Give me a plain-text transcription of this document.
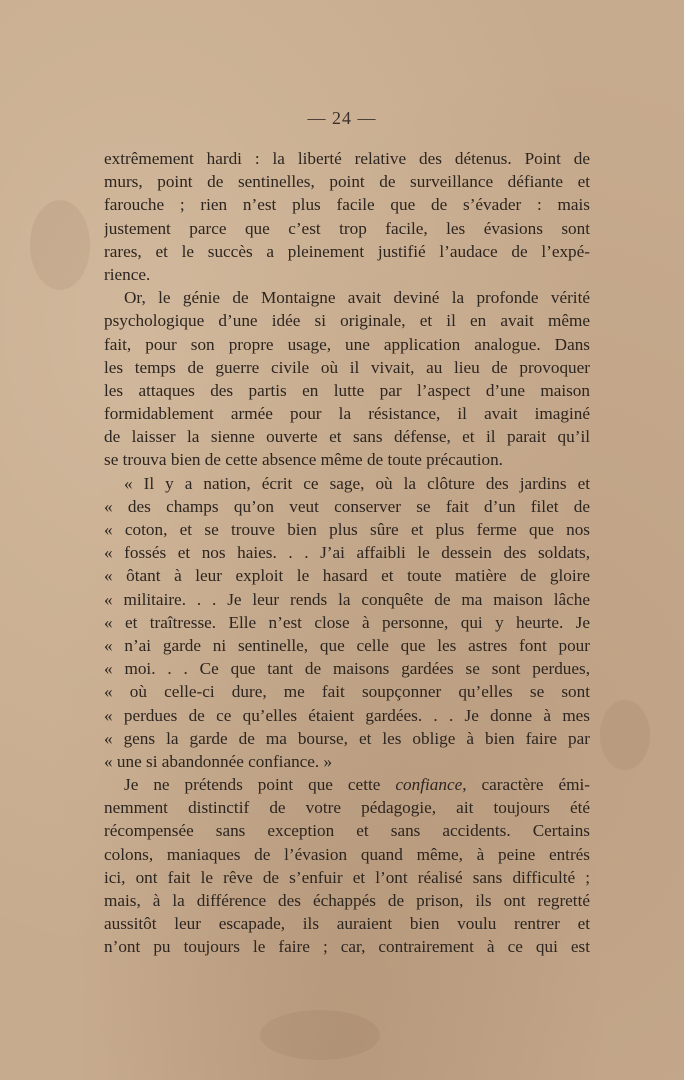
— 24 —
extrêmement hardi : la liberté relative des détenus. Point de
murs, point de sentinelles, point de surveillance défiante et
farouche ; rien n’est plus facile que de s’évader : mais
justement parce que c’est trop facile, les évasions sont
rares, et le succès a pleinement justifié l’audace de l’expé-
rience.
Or, le génie de Montaigne avait deviné la profonde vérité
psychologique d’une idée si originale, et il en avait même
fait, pour son propre usage, une application analogue. Dans
les temps de guerre civile où il vivait, au lieu de provoquer
les attaques des partis en lutte par l’aspect d’une maison
formidablement armée pour la résistance, il avait imaginé
de laisser la sienne ouverte et sans défense, et il parait qu’il
se trouva bien de cette absence même de toute précaution.
« Il y a nation, écrit ce sage, où la clôture des jardins et
« des champs qu’on veut conserver se fait d’un filet de
« coton, et se trouve bien plus sûre et plus ferme que nos
« fossés et nos haies. . . J’ai affaibli le dessein des soldats,
« ôtant à leur exploit le hasard et toute matière de gloire
« militaire. . . Je leur rends la conquête de ma maison lâche
« et traîtresse. Elle n’est close à personne, qui y heurte. Je
« n’ai garde ni sentinelle, que celle que les astres font pour
« moi. . . Ce que tant de maisons gardées se sont perdues,
« où celle-ci dure, me fait soupçonner qu’elles se sont
« perdues de ce qu’elles étaient gardées. . . Je donne à mes
« gens la garde de ma bourse, et les oblige à bien faire par
« une si abandonnée confiance. »
Je ne prétends point que cette confiance, caractère émi-
nemment distinctif de votre pédagogie, ait toujours été
récompensée sans exception et sans accidents. Certains
colons, maniaques de l’évasion quand même, à peine entrés
ici, ont fait le rêve de s’enfuir et l’ont réalisé sans difficulté ;
mais, à la différence des échappés de prison, ils ont regretté
aussitôt leur escapade, ils auraient bien voulu rentrer et
n’ont pu toujours le faire ; car, contrairement à ce qui est
